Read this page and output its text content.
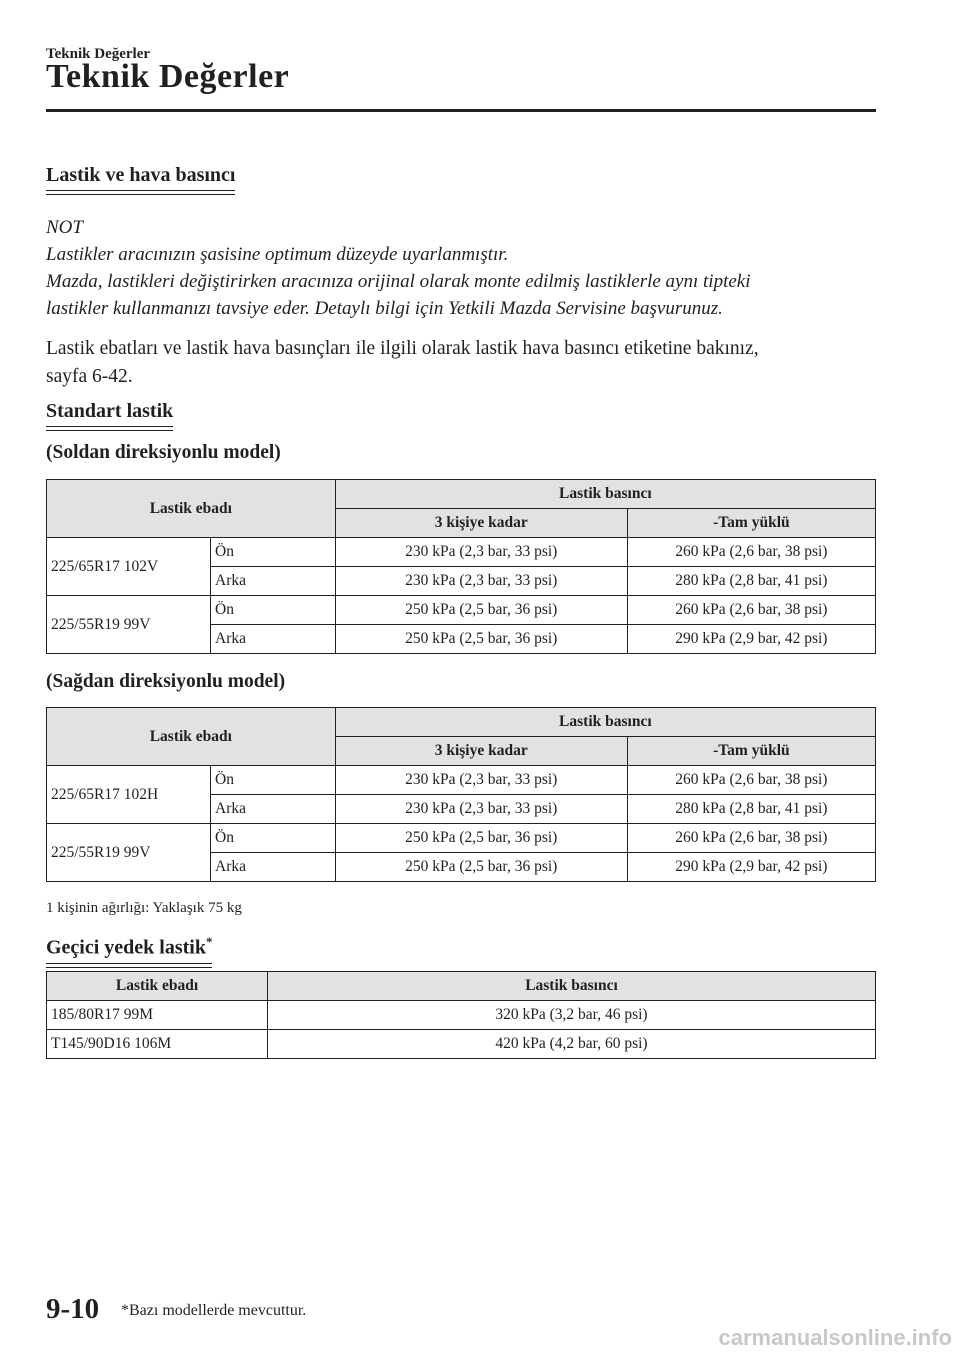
Teknik Değerler
Teknik Değerler
Lastik ve hava basıncı
NOT
Lastikler aracınızın şasisine optimum düzeyde uyarlanmıştır.
Mazda, lastikleri değiştirirken aracınıza orijinal olarak monte edilmiş lastiklerle aynı tipteki
lastikler kullanmanızı tavsiye eder. Detaylı bilgi için Yetkili Mazda Servisine başvurunuz.
Lastik ebatları ve lastik hava basınçları ile ilgili olarak lastik hava basıncı etiketine bakınız,
sayfa 6-42.
Standart lastik
(Soldan direksiyonlu model)
Lastik ebadı		Lastik basıncı	
		3 kişiye kadar	-Tam yüklü
225/65R17 102V	Ön	230 kPa (2,3 bar, 33 psi)	260 kPa (2,6 bar, 38 psi)
	Arka	230 kPa (2,3 bar, 33 psi)	280 kPa (2,8 bar, 41 psi)
225/55R19 99V	Ön	250 kPa (2,5 bar, 36 psi)	260 kPa (2,6 bar, 38 psi)
	Arka	250 kPa (2,5 bar, 36 psi)	290 kPa (2,9 bar, 42 psi)
(Sağdan direksiyonlu model)
Lastik ebadı		Lastik basıncı	
		3 kişiye kadar	-Tam yüklü
225/65R17 102H	Ön	230 kPa (2,3 bar, 33 psi)	260 kPa (2,6 bar, 38 psi)
	Arka	230 kPa (2,3 bar, 33 psi)	280 kPa (2,8 bar, 41 psi)
225/55R19 99V	Ön	250 kPa (2,5 bar, 36 psi)	260 kPa (2,6 bar, 38 psi)
	Arka	250 kPa (2,5 bar, 36 psi)	290 kPa (2,9 bar, 42 psi)
1 kişinin ağırlığı: Yaklaşık 75 kg
Geçici yedek lastik*
Lastik ebadı	Lastik basıncı
185/80R17 99M	320 kPa (3,2 bar, 46 psi)
T145/90D16 106M	420 kPa (4,2 bar, 60 psi)
9-10 *Bazı modellerde mevcuttur.
carmanualsonline.info
